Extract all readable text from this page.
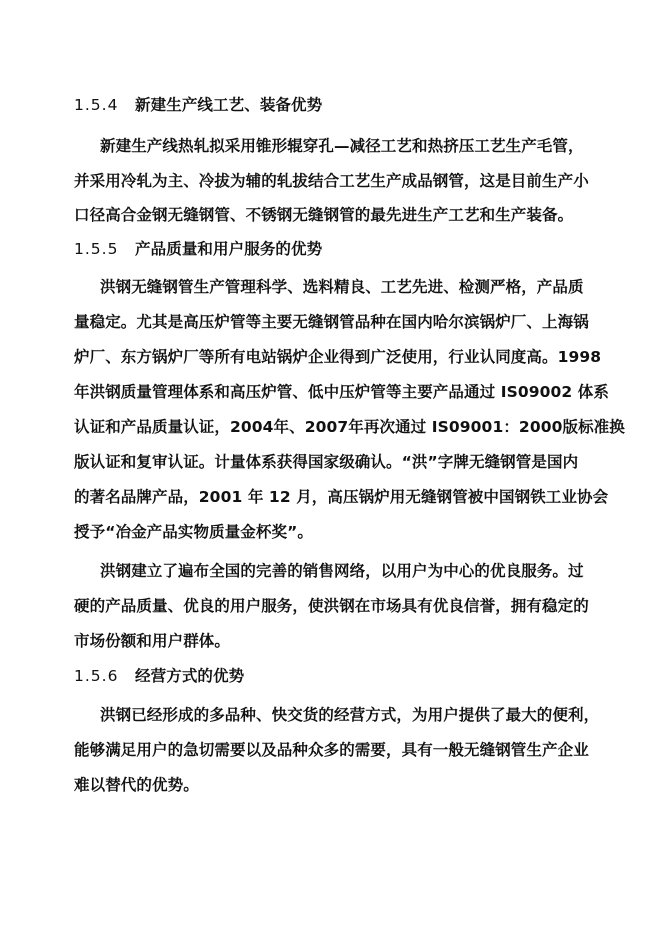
1.5.4 新建生产线工艺、装备优势
新建生产线热轧拟采用锥形辊穿孔—减径工艺和热挤压工艺生产毛管，
并采用冷轧为主、冷拔为辅的轧拔结合工艺生产成品钢管，这是目前生产小
口径高合金钢无缝钢管、不锈钢无缝钢管的最先进生产工艺和生产装备。
1.5.5 产品质量和用户服务的优势
洪钢无缝钢管生产管理科学、选料精良、工艺先进、检测严格，产品质
量稳定。尤其是高压炉管等主要无缝钢管品种在国内哈尔滨锅炉厂、上海锅
炉厂、东方锅炉厂等所有电站锅炉企业得到广泛使用，行业认同度高。1998
年洪钢质量管理体系和高压炉管、低中压炉管等主要产品通过 IS09002 体系
认证和产品质量认证，2004年、2007年再次通过 IS09001：2000版标准换
版认证和复审认证。计量体系获得国家级确认。“洪”字牌无缝钢管是国内
的著名品牌产品，2001 年 12 月，高压锅炉用无缝钢管被中国钢铁工业协会
授予“冶金产品实物质量金杯奖”。
洪钢建立了遍布全国的完善的销售网络，以用户为中心的优良服务。过
硬的产品质量、优良的用户服务，使洪钢在市场具有优良信誉，拥有稳定的
市场份额和用户群体。
1.5.6 经营方式的优势
洪钢已经形成的多品种、快交货的经营方式，为用户提供了最大的便利，
能够满足用户的急切需要以及品种众多的需要，具有一般无缝钢管生产企业
难以替代的优势。
